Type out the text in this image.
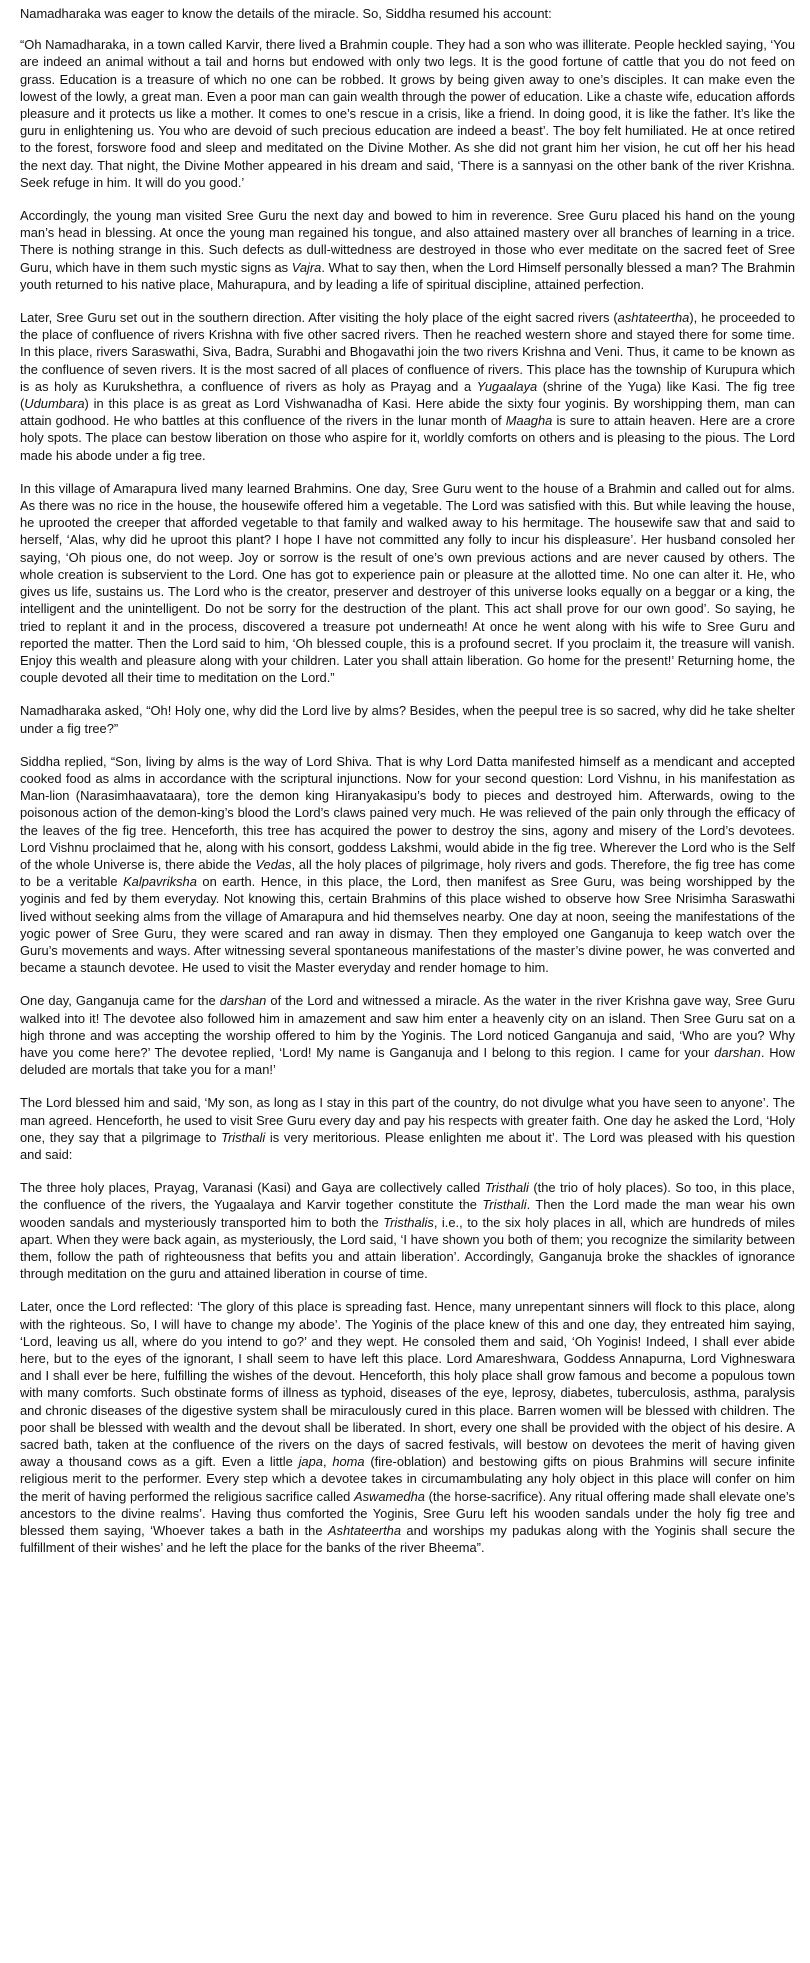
Namadharaka was eager to know the details of the miracle. So, Siddha resumed his account:

“Oh Namadharaka, in a town called Karvir, there lived a Brahmin couple. They had a son who was illiterate. People heckled saying, ‘You are indeed an animal without a tail and horns but endowed with only two legs. It is the good fortune of cattle that you do not feed on grass. Education is a treasure of which no one can be robbed. It grows by being given away to one’s disciples. It can make even the lowest of the lowly, a great man. Even a poor man can gain wealth through the power of education. Like a chaste wife, education affords pleasure and it protects us like a mother. It comes to one’s rescue in a crisis, like a friend. In doing good, it is like the father. It’s like the guru in enlightening us. You who are devoid of such precious education are indeed a beast’. The boy felt humiliated. He at once retired to the forest, forswore food and sleep and meditated on the Divine Mother. As she did not grant him her vision, he cut off her his head the next day. That night, the Divine Mother appeared in his dream and said, ‘There is a sannyasi on the other bank of the river Krishna. Seek refuge in him. It will do you good.’

Accordingly, the young man visited Sree Guru the next day and bowed to him in reverence. Sree Guru placed his hand on the young man’s head in blessing. At once the young man regained his tongue, and also attained mastery over all branches of learning in a trice. There is nothing strange in this. Such defects as dull-wittedness are destroyed in those who ever meditate on the sacred feet of Sree Guru, which have in them such mystic signs as Vajra. What to say then, when the Lord Himself personally blessed a man? The Brahmin youth returned to his native place, Mahurapura, and by leading a life of spiritual discipline, attained perfection.

Later, Sree Guru set out in the southern direction. After visiting the holy place of the eight sacred rivers (ashtateertha), he proceeded to the place of confluence of rivers Krishna with five other sacred rivers. Then he reached western shore and stayed there for some time. In this place, rivers Saraswathi, Siva, Badra, Surabhi and Bhogavathi join the two rivers Krishna and Veni. Thus, it came to be known as the confluence of seven rivers. It is the most sacred of all places of confluence of rivers. This place has the township of Kurupura which is as holy as Kurukshethra, a confluence of rivers as holy as Prayag and a Yugaalaya (shrine of the Yuga) like Kasi. The fig tree (Udumbara) in this place is as great as Lord Vishwanadha of Kasi. Here abide the sixty four yoginis. By worshipping them, man can attain godhood. He who battles at this confluence of the rivers in the lunar month of Maagha is sure to attain heaven. Here are a crore holy spots. The place can bestow liberation on those who aspire for it, worldly comforts on others and is pleasing to the pious. The Lord made his abode under a fig tree.

In this village of Amarapura lived many learned Brahmins. One day, Sree Guru went to the house of a Brahmin and called out for alms. As there was no rice in the house, the housewife offered him a vegetable. The Lord was satisfied with this. But while leaving the house, he uprooted the creeper that afforded vegetable to that family and walked away to his hermitage. The housewife saw that and said to herself, ‘Alas, why did he uproot this plant? I hope I have not committed any folly to incur his displeasure’. Her husband consoled her saying, ‘Oh pious one, do not weep. Joy or sorrow is the result of one’s own previous actions and are never caused by others. The whole creation is subservient to the Lord. One has got to experience pain or pleasure at the allotted time. No one can alter it. He, who gives us life, sustains us. The Lord who is the creator, preserver and destroyer of this universe looks equally on a beggar or a king, the intelligent and the unintelligent. Do not be sorry for the destruction of the plant. This act shall prove for our own good’. So saying, he tried to replant it and in the process, discovered a treasure pot underneath! At once he went along with his wife to Sree Guru and reported the matter. Then the Lord said to him, ‘Oh blessed couple, this is a profound secret. If you proclaim it, the treasure will vanish. Enjoy this wealth and pleasure along with your children. Later you shall attain liberation. Go home for the present!’ Returning home, the couple devoted all their time to meditation on the Lord.”

Namadharaka asked, “Oh! Holy one, why did the Lord live by alms? Besides, when the peepul tree is so sacred, why did he take shelter under a fig tree?”

Siddha replied, “Son, living by alms is the way of Lord Shiva. That is why Lord Datta manifested himself as a mendicant and accepted cooked food as alms in accordance with the scriptural injunctions. Now for your second question: Lord Vishnu, in his manifestation as Man-lion (Narasimhaavataara), tore the demon king Hiranyakasipu’s body to pieces and destroyed him. Afterwards, owing to the poisonous action of the demon-king’s blood the Lord’s claws pained very much. He was relieved of the pain only through the efficacy of the leaves of the fig tree. Henceforth, this tree has acquired the power to destroy the sins, agony and misery of the Lord’s devotees. Lord Vishnu proclaimed that he, along with his consort, goddess Lakshmi, would abide in the fig tree. Wherever the Lord who is the Self of the whole Universe is, there abide the Vedas, all the holy places of pilgrimage, holy rivers and gods. Therefore, the fig tree has come to be a veritable Kalpavriksha on earth. Hence, in this place, the Lord, then manifest as Sree Guru, was being worshipped by the yoginis and fed by them everyday. Not knowing this, certain Brahmins of this place wished to observe how Sree Nrisimha Saraswathi lived without seeking alms from the village of Amarapura and hid themselves nearby. One day at noon, seeing the manifestations of the yogic power of Sree Guru, they were scared and ran away in dismay. Then they employed one Ganganuja to keep watch over the Guru’s movements and ways. After witnessing several spontaneous manifestations of the master’s divine power, he was converted and became a staunch devotee. He used to visit the Master everyday and render homage to him.

One day, Ganganuja came for the darshan of the Lord and witnessed a miracle. As the water in the river Krishna gave way, Sree Guru walked into it! The devotee also followed him in amazement and saw him enter a heavenly city on an island. Then Sree Guru sat on a high throne and was accepting the worship offered to him by the Yoginis. The Lord noticed Ganganuja and said, ‘Who are you? Why have you come here?’ The devotee replied, ‘Lord! My name is Ganganuja and I belong to this region. I came for your darshan. How deluded are mortals that take you for a man!’

The Lord blessed him and said, ‘My son, as long as I stay in this part of the country, do not divulge what you have seen to anyone’. The man agreed. Henceforth, he used to visit Sree Guru every day and pay his respects with greater faith. One day he asked the Lord, ‘Holy one, they say that a pilgrimage to Tristhali is very meritorious. Please enlighten me about it’. The Lord was pleased with his question and said:

The three holy places, Prayag, Varanasi (Kasi) and Gaya are collectively called Tristhali (the trio of holy places). So too, in this place, the confluence of the rivers, the Yugaalaya and Karvir together constitute the Tristhali. Then the Lord made the man wear his own wooden sandals and mysteriously transported him to both the Tristhalis, i.e., to the six holy places in all, which are hundreds of miles apart. When they were back again, as mysteriously, the Lord said, ‘I have shown you both of them; you recognize the similarity between them, follow the path of righteousness that befits you and attain liberation’. Accordingly, Ganganuja broke the shackles of ignorance through meditation on the guru and attained liberation in course of time.

Later, once the Lord reflected: ‘The glory of this place is spreading fast. Hence, many unrepentant sinners will flock to this place, along with the righteous. So, I will have to change my abode’. The Yoginis of the place knew of this and one day, they entreated him saying, ‘Lord, leaving us all, where do you intend to go?’ and they wept. He consoled them and said, ‘Oh Yoginis! Indeed, I shall ever abide here, but to the eyes of the ignorant, I shall seem to have left this place. Lord Amareshwara, Goddess Annapurna, Lord Vighneswara and I shall ever be here, fulfilling the wishes of the devout. Henceforth, this holy place shall grow famous and become a populous town with many comforts. Such obstinate forms of illness as typhoid, diseases of the eye, leprosy, diabetes, tuberculosis, asthma, paralysis and chronic diseases of the digestive system shall be miraculously cured in this place. Barren women will be blessed with children. The poor shall be blessed with wealth and the devout shall be liberated. In short, every one shall be provided with the object of his desire. A sacred bath, taken at the confluence of the rivers on the days of sacred festivals, will bestow on devotees the merit of having given away a thousand cows as a gift. Even a little japa, homa (fire-oblation) and bestowing gifts on pious Brahmins will secure infinite religious merit to the performer. Every step which a devotee takes in circumambulating any holy object in this place will confer on him the merit of having performed the religious sacrifice called Aswamedha (the horse-sacrifice). Any ritual offering made shall elevate one’s ancestors to the divine realms’. Having thus comforted the Yoginis, Sree Guru left his wooden sandals under the holy fig tree and blessed them saying, ‘Whoever takes a bath in the Ashtateertha and worships my padukas along with the Yoginis shall secure the fulfillment of their wishes’ and he left the place for the banks of the river Bheema”.
